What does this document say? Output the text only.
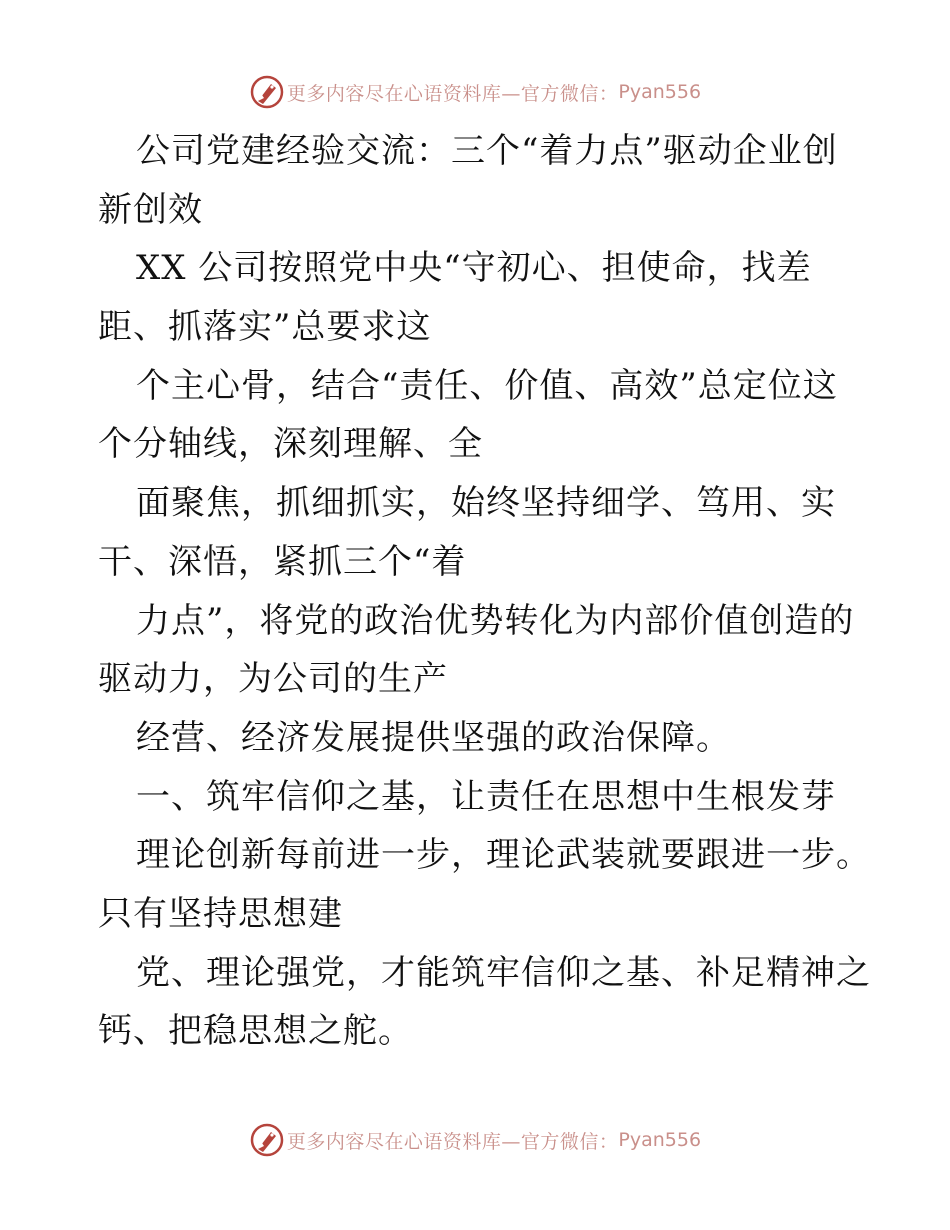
更多内容尽在心语资料库—官方微信： Pyan556
公司党建经验交流：三个“着力点”驱动企业创
新创效
XX 公司按照党中央“守初心、担使命，找差
距、抓落实”总要求这
个主心骨，结合“责任、价值、高效”总定位这
个分轴线，深刻理解、全
面聚焦，抓细抓实，始终坚持细学、笃用、实
干、深悟，紧抓三个“着
力点”，将党的政治优势转化为内部价值创造的
驱动力，为公司的生产
经营、经济发展提供坚强的政治保障。
一、筑牢信仰之基，让责任在思想中生根发芽
理论创新每前进一步，理论武装就要跟进一步。
只有坚持思想建
党、理论强党，才能筑牢信仰之基、补足精神之
钙、把稳思想之舵。
更多内容尽在心语资料库—官方微信： Pyan556
